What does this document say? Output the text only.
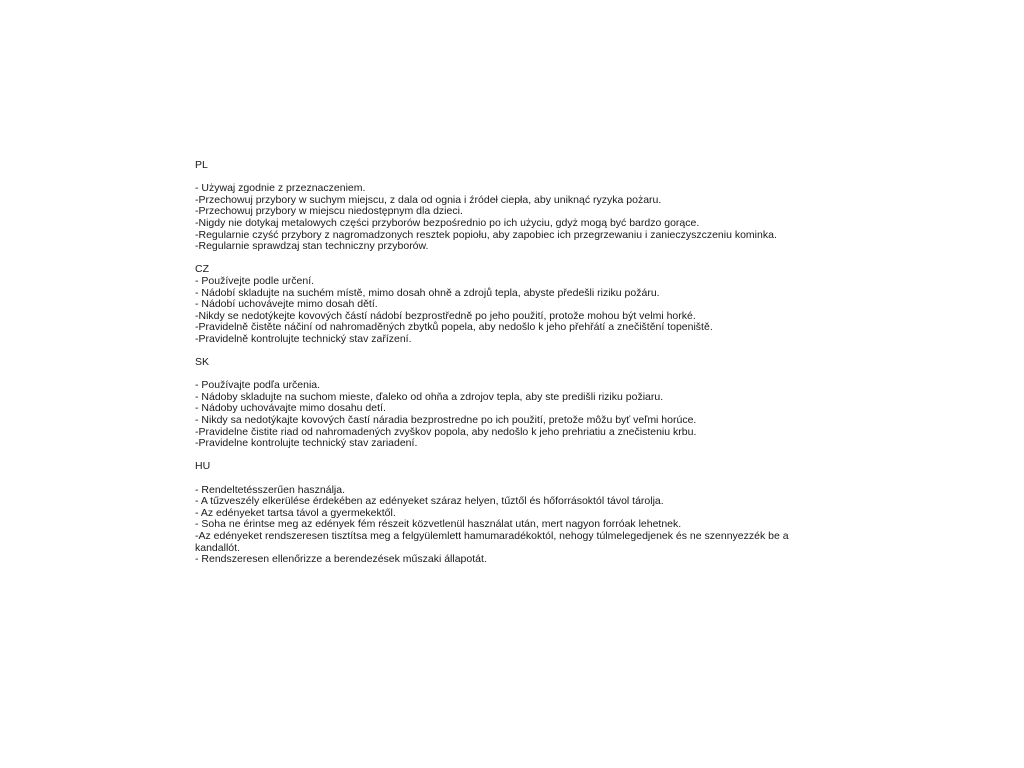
PL
- Używaj zgodnie z przeznaczeniem.
-Przechowuj przybory w suchym miejscu, z dala od ognia i źródeł ciepła, aby uniknąć ryzyka pożaru.
-Przechowuj przybory w miejscu niedostępnym dla dzieci.
-Nigdy nie dotykaj metalowych części przyborów bezpośrednio po ich użyciu, gdyż mogą być bardzo gorące.
-Regularnie czyść przybory z nagromadzonych resztek popiołu, aby zapobiec ich przegrzewaniu i zanieczyszczeniu kominka.
-Regularnie sprawdzaj stan techniczny przyborów.
CZ
- Používejte podle určení.
- Nádobí skladujte na suchém místě, mimo dosah ohně a zdrojů tepla, abyste předešli riziku požáru.
- Nádobí uchovávejte mimo dosah dětí.
-Nikdy se nedotýkejte kovových částí nádobí bezprostředně po jeho použití, protože mohou být velmi horké.
-Pravidelně čistěte náčiní od nahromaděných zbytků popela, aby nedošlo k jeho přehřátí a znečištění topeniště.
-Pravidelně kontrolujte technický stav zařízení.
SK
- Používajte podľa určenia.
- Nádoby skladujte na suchom mieste, ďaleko od ohňa a zdrojov tepla, aby ste predišli riziku požiaru.
- Nádoby uchovávajte mimo dosahu detí.
- Nikdy sa nedotýkajte kovových častí náradia bezprostredne po ich použití, pretože môžu byť veľmi horúce.
-Pravidelne čistite riad od nahromadených zvyškov popola, aby nedošlo k jeho prehriatiu a znečisteniu krbu.
-Pravidelne kontrolujte technický stav zariadení.
HU
- Rendeltetésszerűen használja.
- A tűzveszély elkerülése érdekében az edényeket száraz helyen, tűztől és hőforrásoktól távol tárolja.
- Az edényeket tartsa távol a gyermekektől.
- Soha ne érintse meg az edények fém részeit közvetlenül használat után, mert nagyon forróak lehetnek.
-Az edényeket rendszeresen tisztítsa meg a felgyülemlett hamumaradékoktól, nehogy túlmelegedjenek és ne szennyezzék be a kandallót.
- Rendszeresen ellenőrizze a berendezések műszaki állapotát.
